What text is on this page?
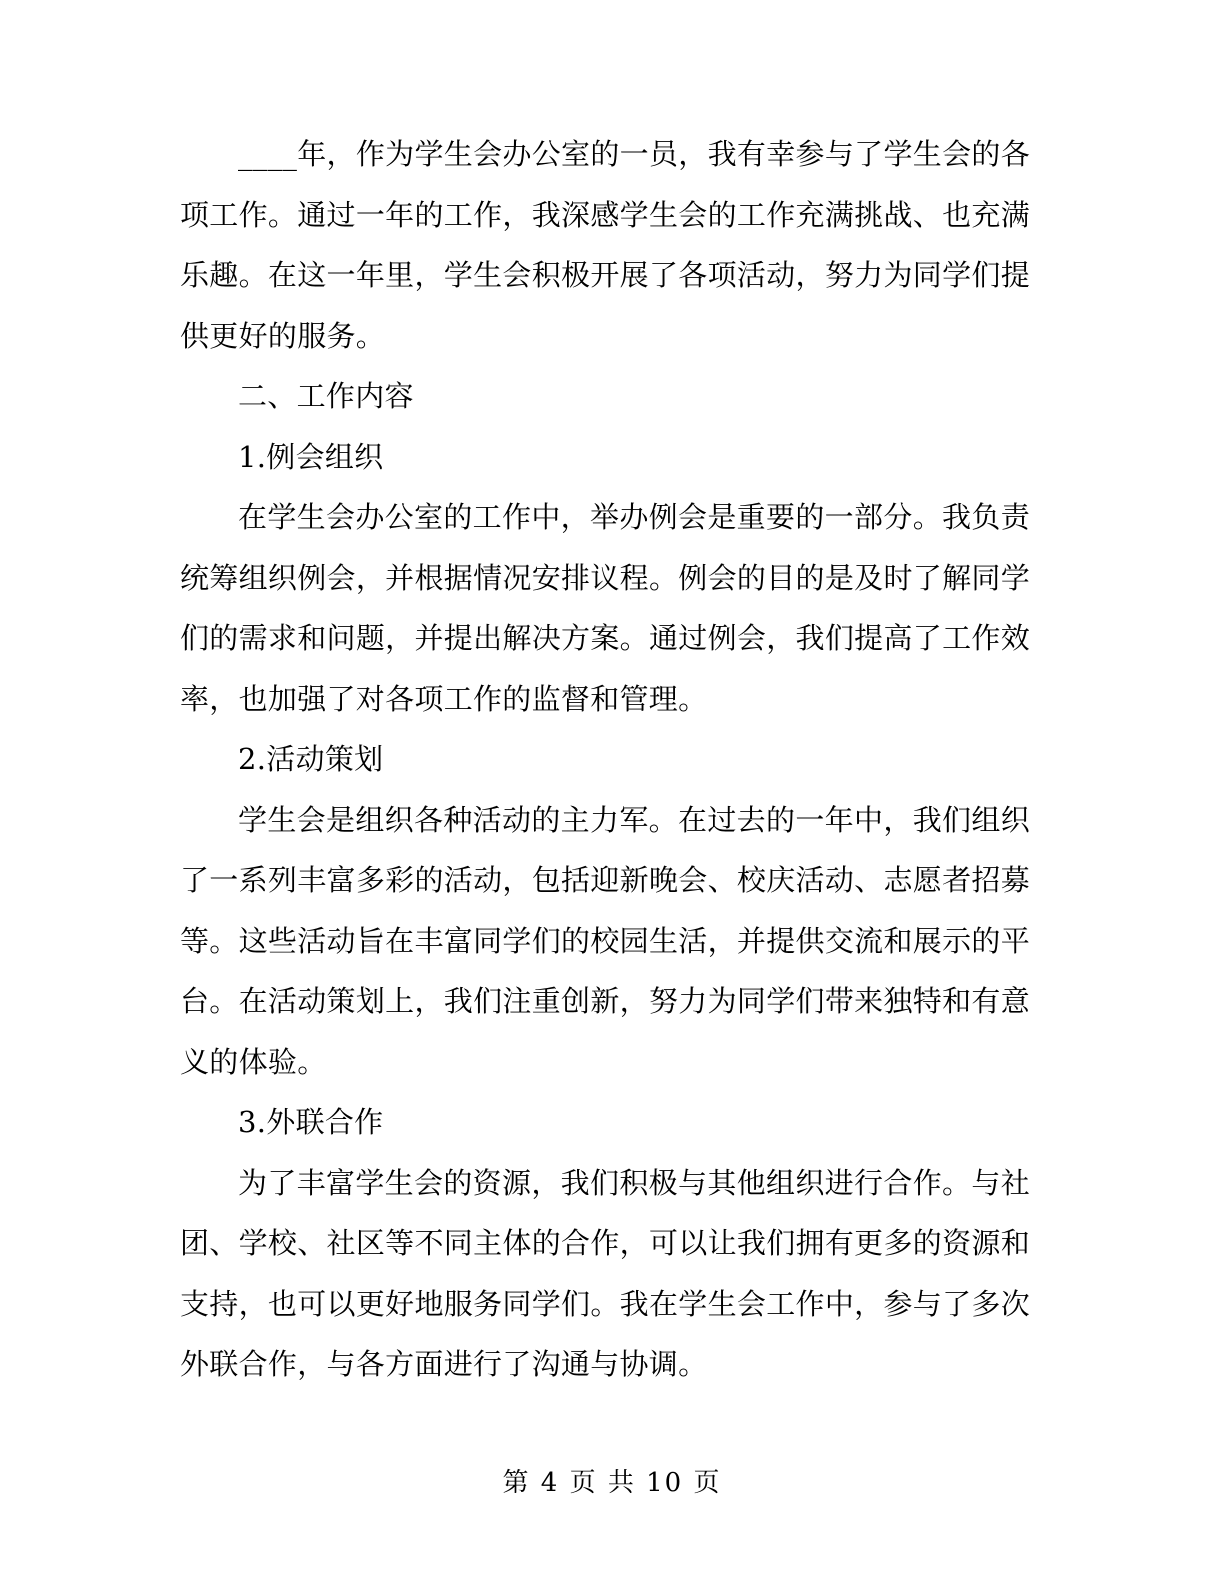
____年，作为学生会办公室的一员，我有幸参与了学生会的各项工作。通过一年的工作，我深感学生会的工作充满挑战、也充满乐趣。在这一年里，学生会积极开展了各项活动，努力为同学们提供更好的服务。

二、工作内容

1.例会组织

在学生会办公室的工作中，举办例会是重要的一部分。我负责统筹组织例会，并根据情况安排议程。例会的目的是及时了解同学们的需求和问题，并提出解决方案。通过例会，我们提高了工作效率，也加强了对各项工作的监督和管理。

2.活动策划

学生会是组织各种活动的主力军。在过去的一年中，我们组织了一系列丰富多彩的活动，包括迎新晚会、校庆活动、志愿者招募等。这些活动旨在丰富同学们的校园生活，并提供交流和展示的平台。在活动策划上，我们注重创新，努力为同学们带来独特和有意义的体验。

3.外联合作

为了丰富学生会的资源，我们积极与其他组织进行合作。与社团、学校、社区等不同主体的合作，可以让我们拥有更多的资源和支持，也可以更好地服务同学们。我在学生会工作中，参与了多次外联合作，与各方面进行了沟通与协调。

第 4 页 共 10 页
